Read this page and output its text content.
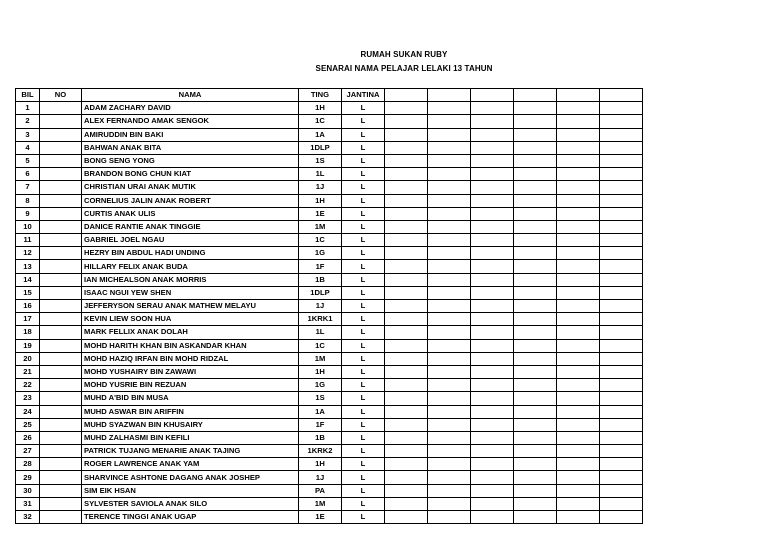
RUMAH SUKAN RUBY
SENARAI NAMA PELAJAR LELAKI 13 TAHUN
BIL	NO	NAMA	TING	JANTINA						
1		ADAM ZACHARY DAVID	1H	L						
2		ALEX FERNANDO AMAK SENGOK	1C	L						
3		AMIRUDDIN BIN BAKI	1A	L						
4		BAHWAN ANAK BITA	1DLP	L						
5		BONG SENG YONG	1S	L						
6		BRANDON BONG CHUN KIAT	1L	L						
7		CHRISTIAN URAI ANAK MUTIK	1J	L						
8		CORNELIUS JALIN ANAK ROBERT	1H	L						
9		CURTIS ANAK ULIS	1E	L						
10		DANICE RANTIE ANAK TINGGIE	1M	L						
11		GABRIEL JOEL NGAU	1C	L						
12		HEZRY BIN ABDUL HADI UNDING	1G	L						
13		HILLARY FELIX ANAK BUDA	1F	L						
14		IAN MICHEALSON ANAK MORRIS	1B	L						
15		ISAAC NGUI YEW SHEN	1DLP	L						
16		JEFFERYSON SERAU ANAK MATHEW MELAYU	1J	L						
17		KEVIN LIEW SOON HUA	1KRK1	L						
18		MARK FELLIX ANAK DOLAH	1L	L						
19		MOHD HARITH KHAN BIN ASKANDAR KHAN	1C	L						
20		MOHD HAZIQ IRFAN BIN MOHD RIDZAL	1M	L						
21		MOHD YUSHAIRY BIN ZAWAWI	1H	L						
22		MOHD YUSRIE BIN REZUAN	1G	L						
23		MUHD A'BID BIN MUSA	1S	L						
24		MUHD ASWAR BIN ARIFFIN	1A	L						
25		MUHD SYAZWAN BIN KHUSAIRY	1F	L						
26		MUHD ZALHASMI BIN KEFILI	1B	L						
27		PATRICK TUJANG MENARIE ANAK TAJING	1KRK2	L						
28		ROGER LAWRENCE ANAK YAM	1H	L						
29		SHARVINCE ASHTONE DAGANG ANAK JOSHEP	1J	L						
30		SIM EIK HSAN	PA	L						
31		SYLVESTER SAVIOLA ANAK SILO	1M	L						
32		TERENCE TINGGI ANAK UGAP	1E	L						
